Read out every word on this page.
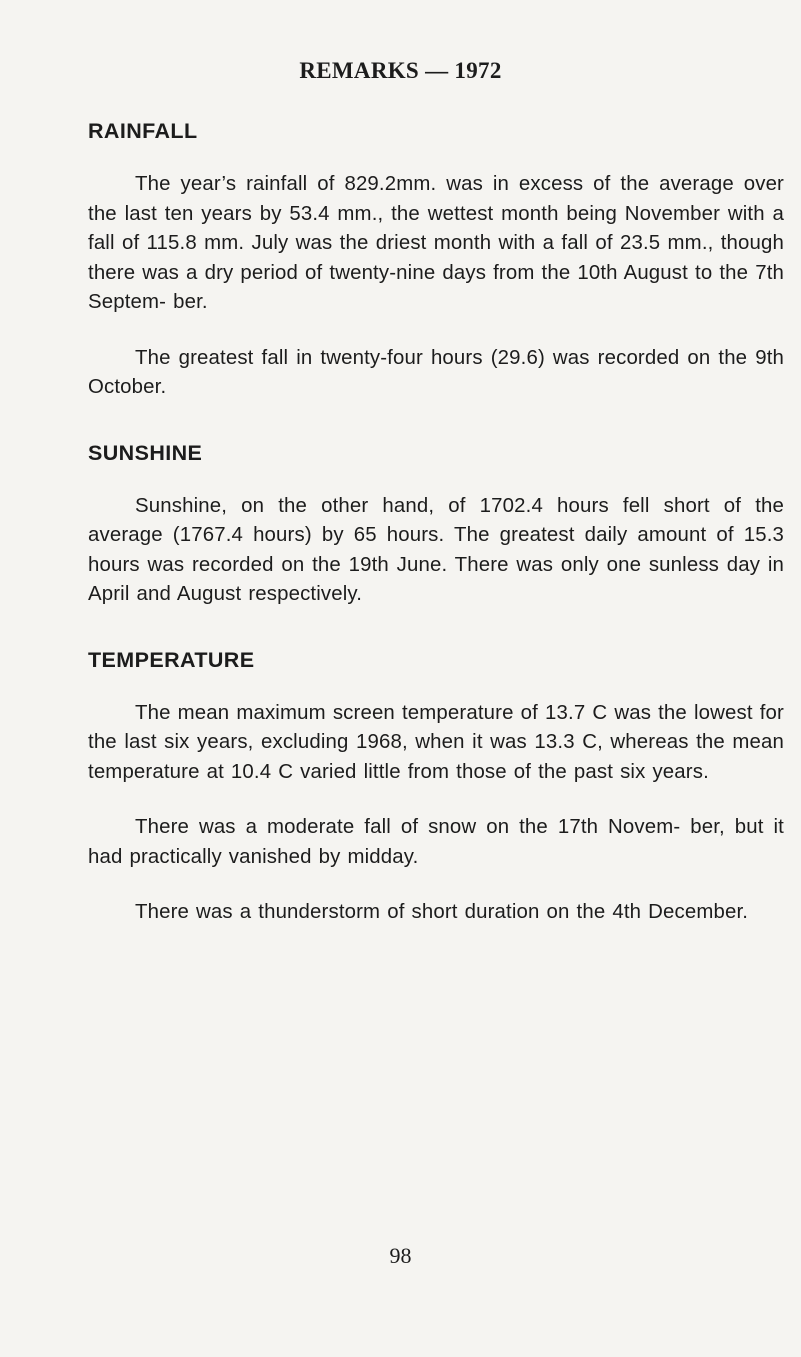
REMARKS — 1972
RAINFALL

The year’s rainfall of 829.2mm. was in excess of the average over the last ten years by 53.4 mm., the wettest month being November with a fall of 115.8 mm. July was the driest month with a fall of 23.5 mm., though there was a dry period of twenty-nine days from the 10th August to the 7th Septem- ber.

The greatest fall in twenty-four hours (29.6) was recorded on the 9th October.

SUNSHINE

Sunshine, on the other hand, of 1702.4 hours fell short of the average (1767.4 hours) by 65 hours. The greatest daily amount of 15.3 hours was recorded on the 19th June. There was only one sunless day in April and August respectively.

TEMPERATURE

The mean maximum screen temperature of 13.7 C was the lowest for the last six years, excluding 1968, when it was 13.3 C, whereas the mean temperature at 10.4 C varied little from those of the past six years.

There was a moderate fall of snow on the 17th Novem- ber, but it had practically vanished by midday.

There was a thunderstorm of short duration on the 4th December.

98
